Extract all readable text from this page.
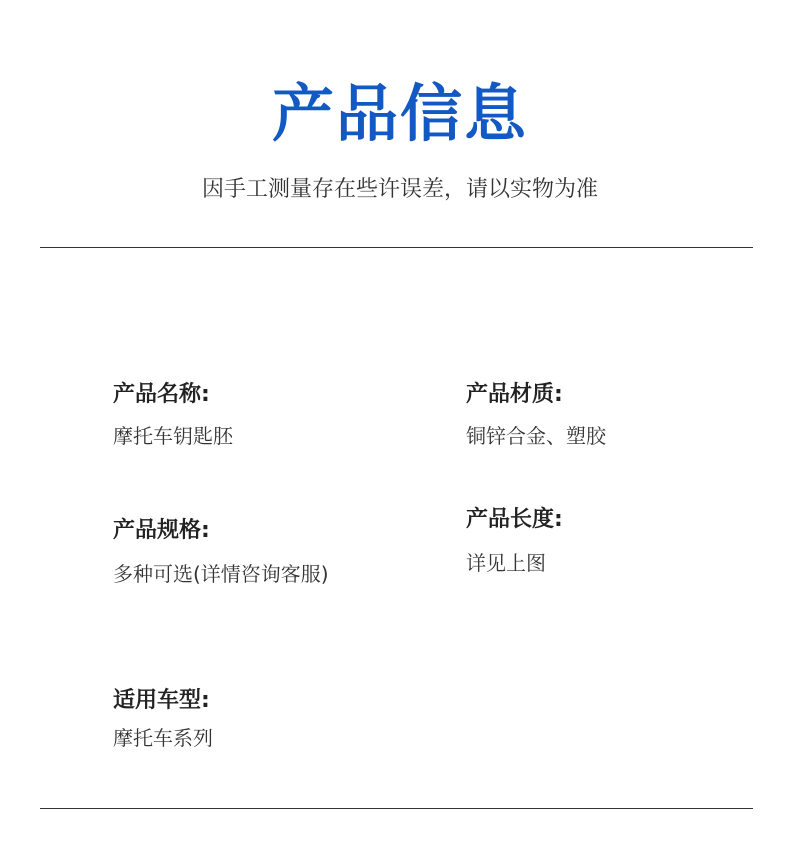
产品信息
因手工测量存在些许误差，请以实物为准
产品名称:
摩托车钥匙胚
产品材质:
铜锌合金、塑胶
产品规格:
多种可选(详情咨询客服)
产品长度:
详见上图
适用车型:
摩托车系列
